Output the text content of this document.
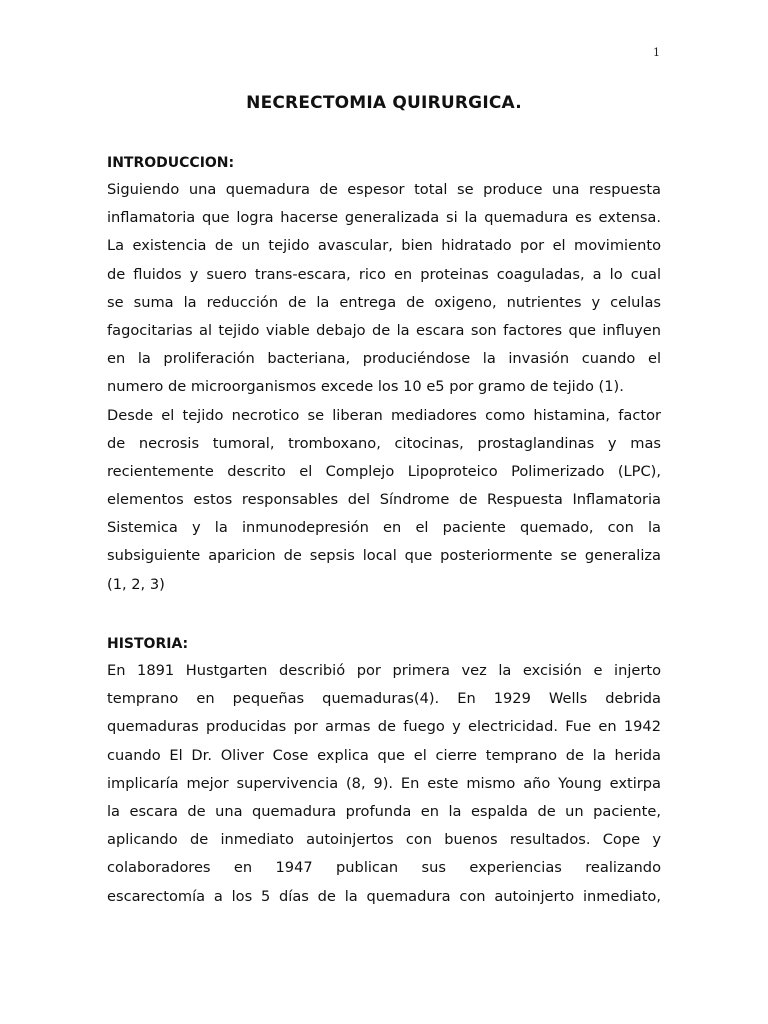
1
NECRECTOMIA QUIRURGICA.
INTRODUCCION:
Siguiendo una quemadura de espesor total se produce una respuesta
inflamatoria que logra hacerse generalizada si la quemadura es extensa.
La existencia de un tejido avascular, bien hidratado por el movimiento
de fluidos y suero trans-escara, rico en proteinas coaguladas, a lo cual
se suma la reducción de la entrega de oxigeno, nutrientes y celulas
fagocitarias al tejido viable debajo de la escara son factores que influyen
en la proliferación bacteriana, produciéndose la invasión cuando el
numero de microorganismos excede los 10 e5 por gramo de tejido (1).
Desde el tejido necrotico se liberan mediadores como histamina, factor
de necrosis tumoral, tromboxano, citocinas, prostaglandinas y mas
recientemente descrito el Complejo Lipoproteico Polimerizado (LPC),
elementos estos responsables del Síndrome de Respuesta Inflamatoria
Sistemica y la inmunodepresión en el paciente quemado, con la
subsiguiente aparicion de sepsis local que posteriormente se generaliza
(1, 2, 3)
HISTORIA:
En 1891 Hustgarten describió por primera vez la excisión e injerto
temprano en pequeñas quemaduras(4). En 1929 Wells debrida
quemaduras producidas por armas de fuego y electricidad. Fue en 1942
cuando El Dr. Oliver Cose explica que el cierre temprano de la herida
implicaría mejor supervivencia (8, 9). En este mismo año Young extirpa
la escara de una quemadura profunda en la espalda de un paciente,
aplicando de inmediato autoinjertos con buenos resultados. Cope y
colaboradores en 1947 publican sus experiencias realizando
escarectomía a los 5 días de la quemadura con autoinjerto inmediato,
